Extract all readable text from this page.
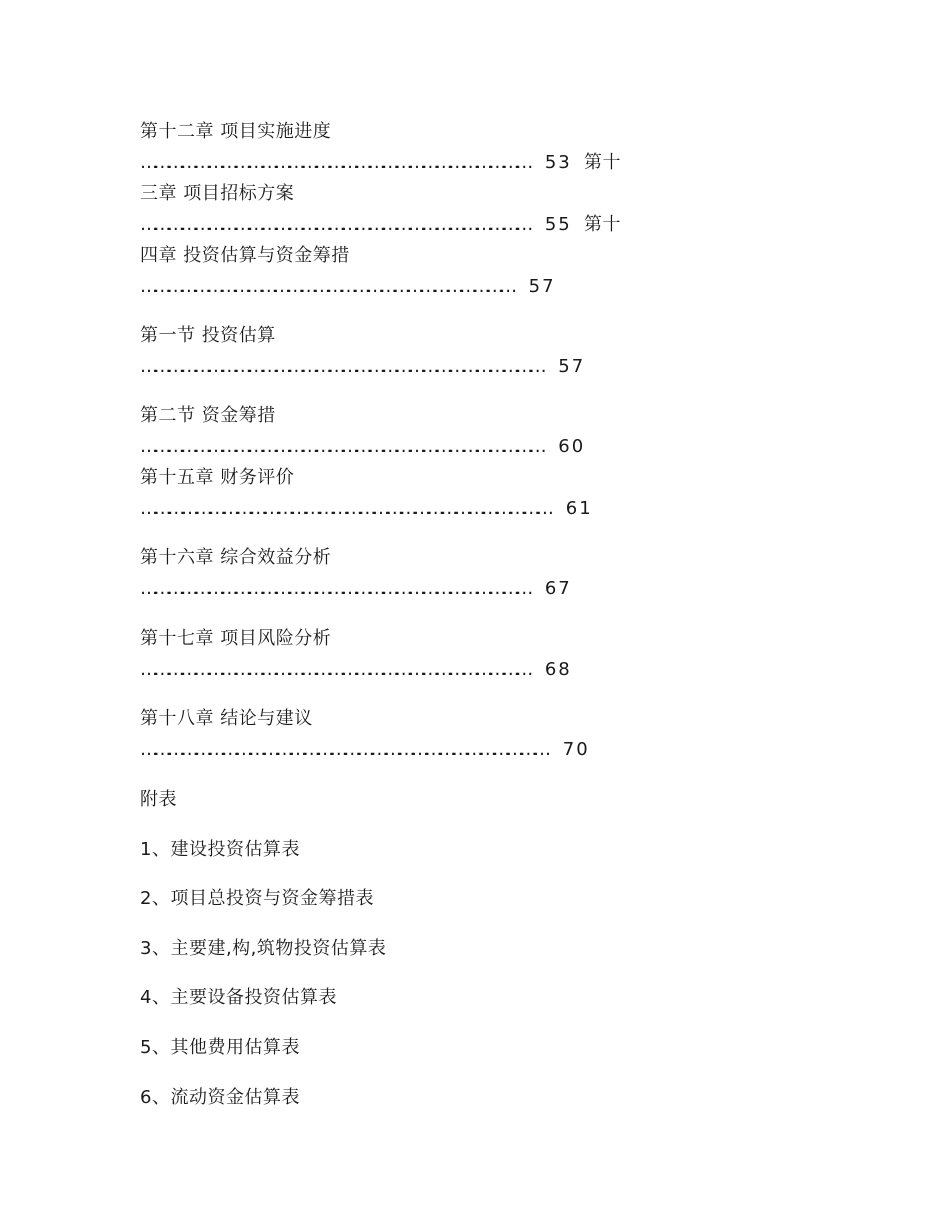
第十二章 项目实施进度
…………………………………………………………………………… 53 第十
三章 项目招标方案
…………………………………………………………………………… 55 第十
四章 投资估算与资金筹措
………………………………………………………………………… 57
第一节 投资估算
……………………………………………………………………………… 57
第二节 资金筹措
……………………………………………………………………………… 60
第十五章 财务评价
……………………………………………………………………………… 61
第十六章 综合效益分析
…………………………………………………………………………… 67
第十七章 项目风险分析
…………………………………………………………………………… 68
第十八章 结论与建议
……………………………………………………………………………… 70
附表
1、建设投资估算表
2、项目总投资与资金筹措表
3、主要建,构,筑物投资估算表
4、主要设备投资估算表
5、其他费用估算表
6、流动资金估算表
